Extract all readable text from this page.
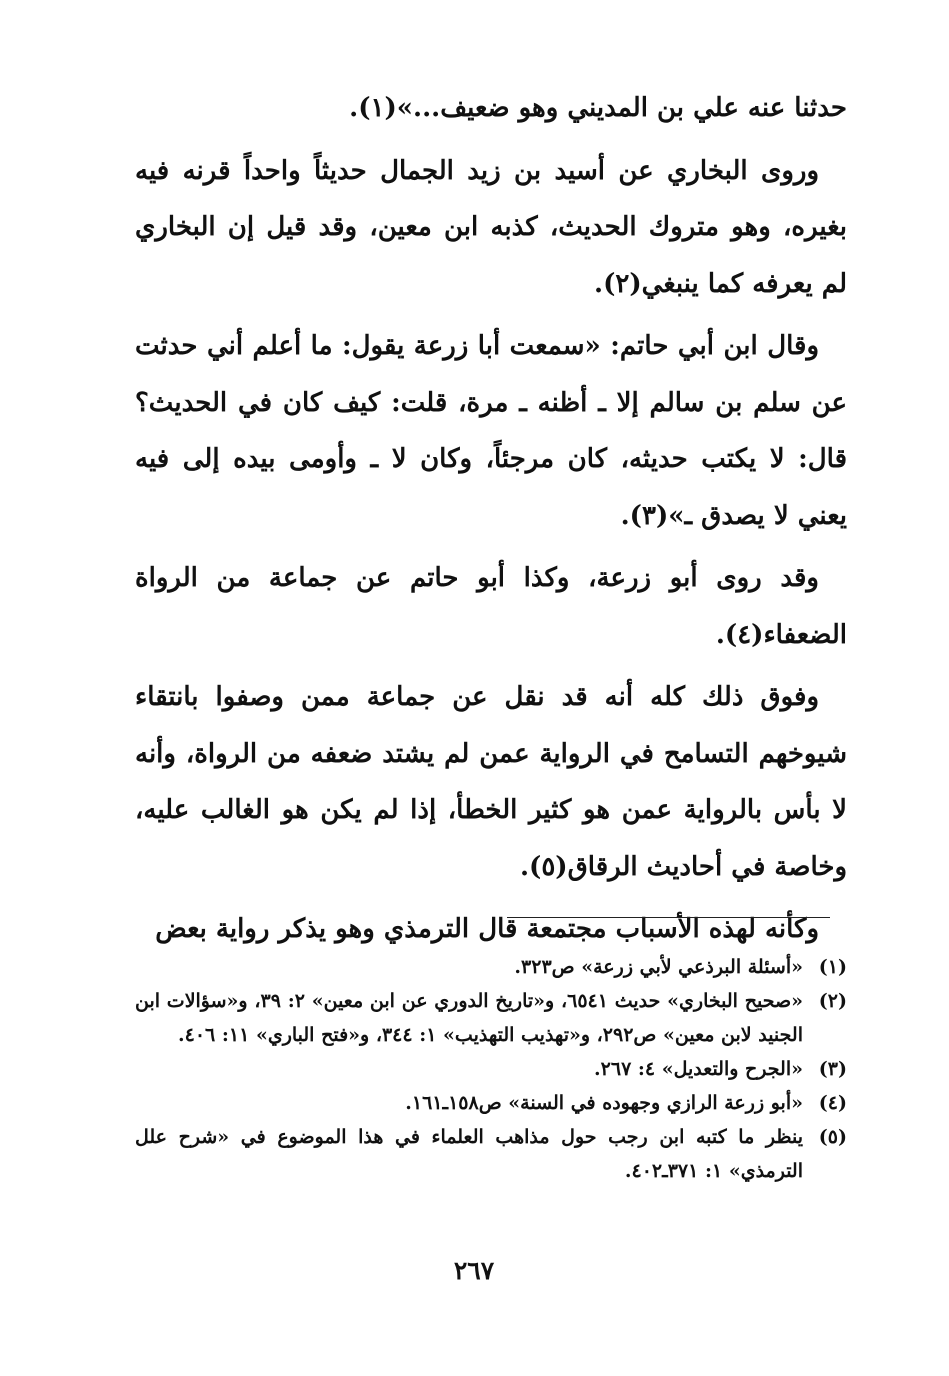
حدثنا عنه علي بن المديني وهو ضعيف...»(١).

وروى البخاري عن أسيد بن زيد الجمال حديثاً واحداً قرنه فيه بغيره، وهو متروك الحديث، كذبه ابن معين، وقد قيل إن البخاري لم يعرفه كما ينبغي(٢).

وقال ابن أبي حاتم: «سمعت أبا زرعة يقول: ما أعلم أني حدثت عن سلم بن سالم إلا ـ أظنه ـ مرة، قلت: كيف كان في الحديث؟ قال: لا يكتب حديثه، كان مرجئاً، وكان لا ـ وأومى بيده إلى فيه يعني لا يصدق ـ»(٣).

وقد روى أبو زرعة، وكذا أبو حاتم عن جماعة من الرواة الضعفاء(٤).

وفوق ذلك كله أنه قد نقل عن جماعة ممن وصفوا بانتقاء شيوخهم التسامح في الرواية عمن لم يشتد ضعفه من الرواة، وأنه لا بأس بالرواية عمن هو كثير الخطأ، إذا لم يكن هو الغالب عليه، وخاصة في أحاديث الرقاق(٥).

وكأنه لهذه الأسباب مجتمعة قال الترمذي وهو يذكر رواية بعض

(١)
«أسئلة البرذعي لأبي زرعة» ص٣٢٣.
(٢)
«صحيح البخاري» حديث ٦٥٤١، و«تاريخ الدوري عن ابن معين» ٢: ٣٩، و«سؤالات ابن الجنيد لابن معين» ص٢٩٢، و«تهذيب التهذيب» ١: ٣٤٤، و«فتح الباري» ١١: ٤٠٦.
(٣)
«الجرح والتعديل» ٤: ٢٦٧.
(٤)
«أبو زرعة الرازي وجهوده في السنة» ص١٥٨ـ١٦١.
(٥)
ينظر ما كتبه ابن رجب حول مذاهب العلماء في هذا الموضوع في «شرح علل الترمذي» ١: ٣٧١ـ٤٠٢.
٢٦٧
